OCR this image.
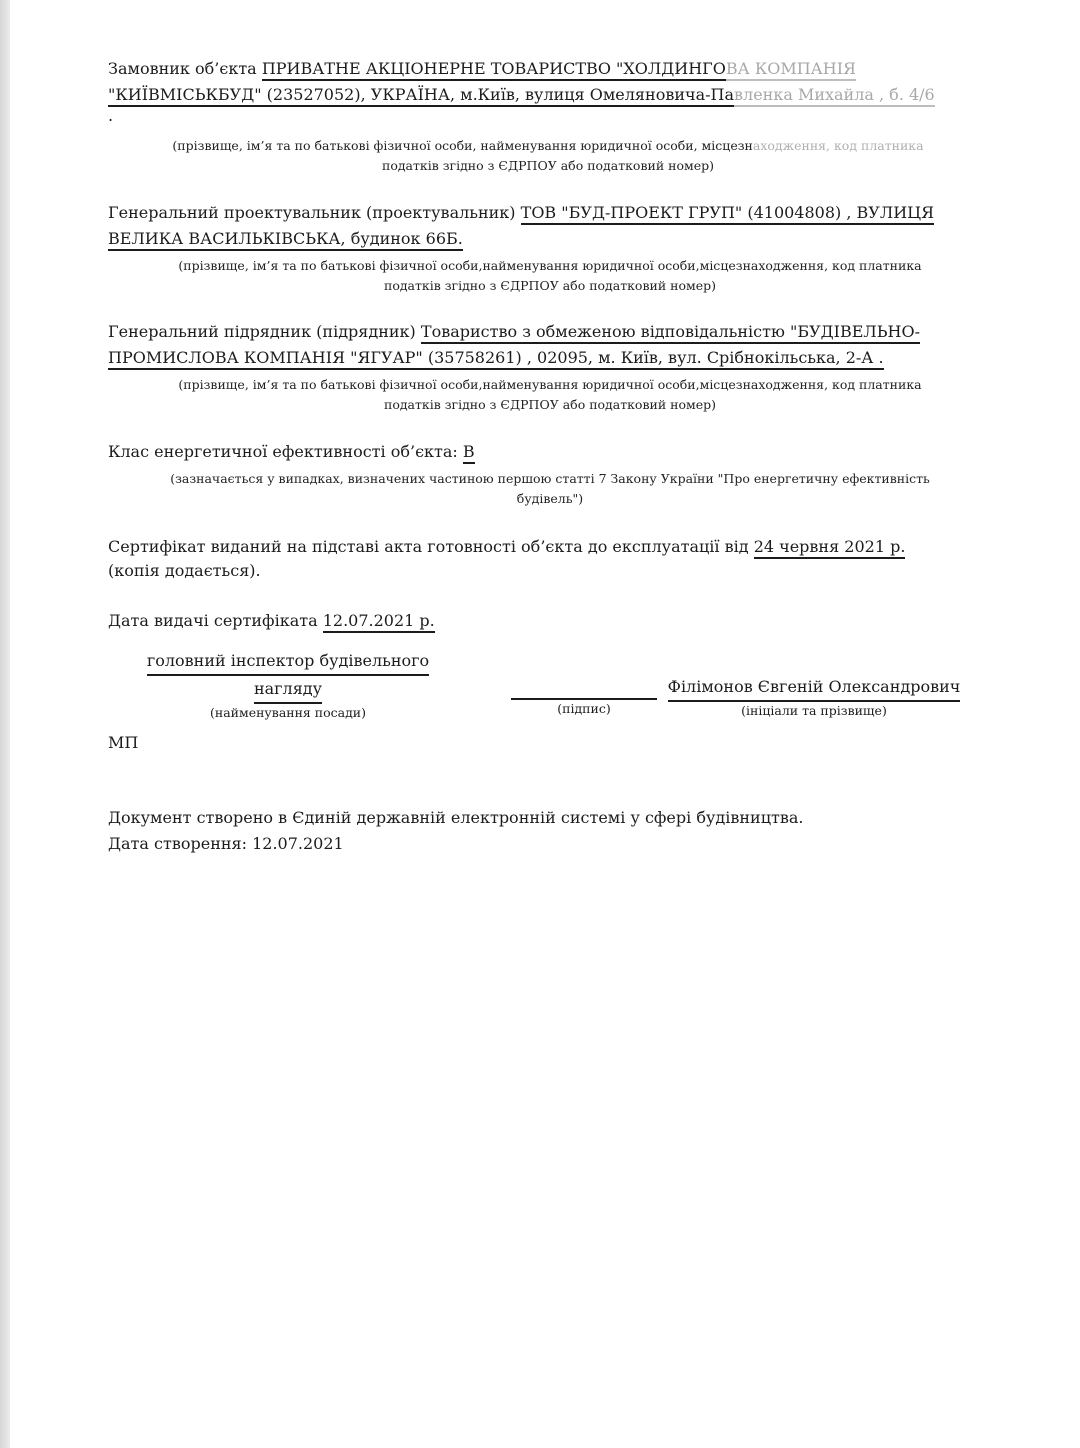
Замовник об’єкта ПРИВАТНЕ АКЦІОНЕРНЕ ТОВАРИСТВО "ХОЛДИНГОВА КОМПАНІЯ
"КИЇВМІСЬКБУД" (23527052), УКРАЇНА, м.Київ, вулиця Омеляновича-Павленка Михайла , б. 4/6
.
(прізвище, ім’я та по батькові фізичної особи, найменування юридичної особи, місцезнаходження, код платника
податків згідно з ЄДРПОУ або податковий номер)
Генеральний проектувальник (проектувальник) ТОВ "БУД-ПРОЕКТ ГРУП" (41004808) , ВУЛИЦЯ
ВЕЛИКА ВАСИЛЬКІВСЬКА, будинок 66Б.
(прізвище, ім’я та по батькові фізичної особи,найменування юридичної особи,місцезнаходження, код платника
податків згідно з ЄДРПОУ або податковий номер)
Генеральний підрядник (підрядник) Товариство з обмеженою відповідальністю "БУДІВЕЛЬНО-
ПРОМИСЛОВА КОМПАНІЯ "ЯГУАР" (35758261) , 02095, м. Київ, вул. Срібнокільська, 2-А .
(прізвище, ім’я та по батькові фізичної особи,найменування юридичної особи,місцезнаходження, код платника
податків згідно з ЄДРПОУ або податковий номер)
Клас енергетичної ефективності об’єкта: B
(зазначається у випадках, визначених частиною першою статті 7 Закону України "Про енергетичну ефективність
будівель")
Сертифікат виданий на підставі акта готовності об’єкта до експлуатації від 24 червня 2021 р.
(копія додається).
Дата видачі сертифіката 12.07.2021 р.
головний інспектор будівельного
нагляду
(найменування посади)	(підпис)
Філімонов Євгеній Олександрович
(ініціали та прізвище)
МП
Документ створено в Єдиній державній електронній системі у сфері будівництва.
Дата створення: 12.07.2021
